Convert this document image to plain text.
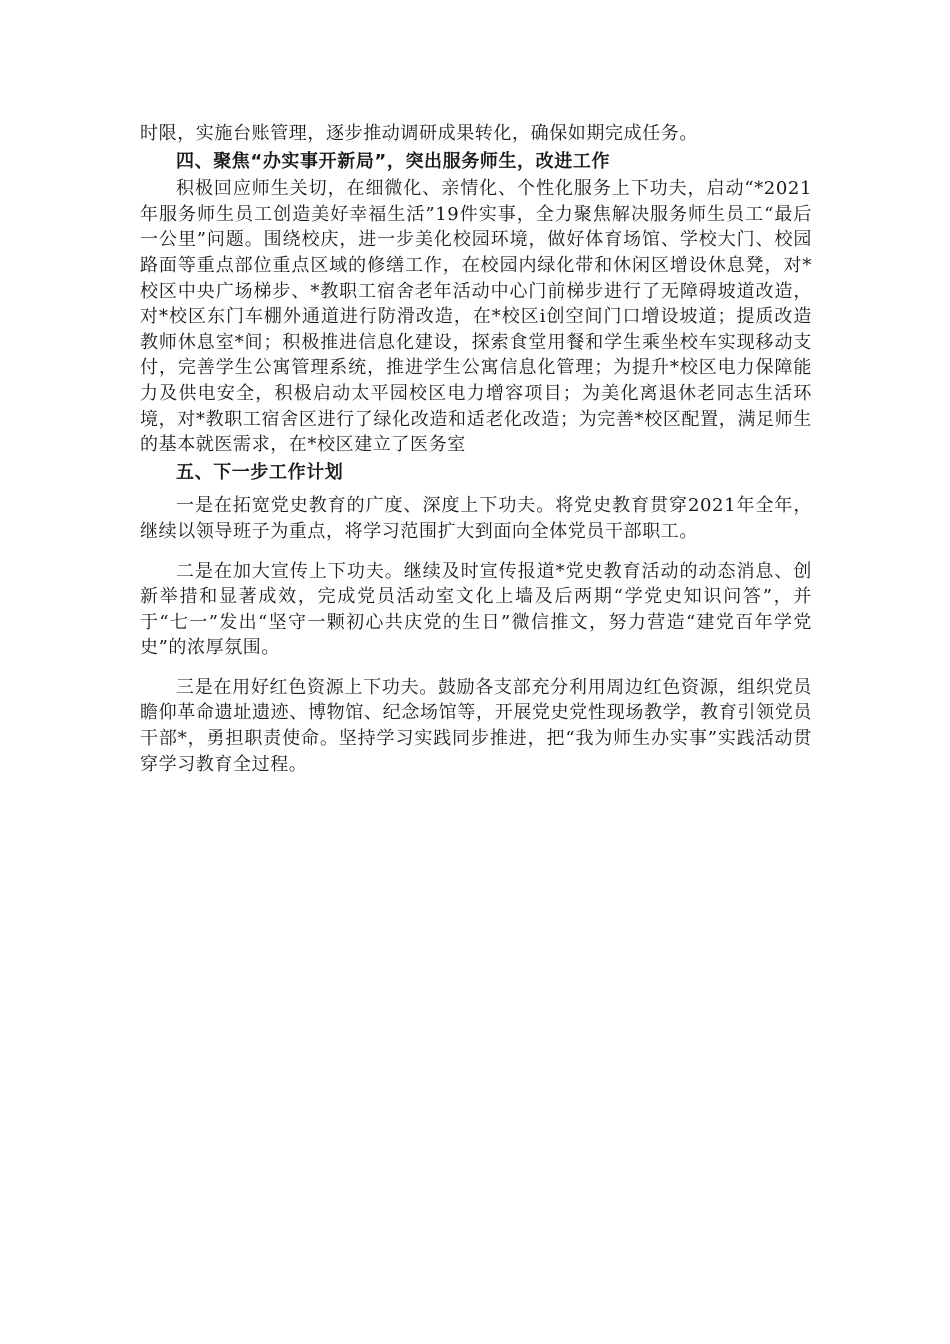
时限，实施台账管理，逐步推动调研成果转化，确保如期完成任务。

四、聚焦“办实事开新局”，突出服务师生，改进工作

积极回应师生关切，在细微化、亲情化、个性化服务上下功夫，启动“*2021年服务师生员工创造美好幸福生活”19件实事，全力聚焦解决服务师生员工“最后一公里”问题。围绕校庆，进一步美化校园环境，做好体育场馆、学校大门、校园路面等重点部位重点区域的修缮工作，在校园内绿化带和休闲区增设休息凳，对*校区中央广场梯步、*教职工宿舍老年活动中心门前梯步进行了无障碍坡道改造，对*校区东门车棚外通道进行防滑改造，在*校区i创空间门口增设坡道；提质改造教师休息室*间；积极推进信息化建设，探索食堂用餐和学生乘坐校车实现移动支付，完善学生公寓管理系统，推进学生公寓信息化管理；为提升*校区电力保障能力及供电安全，积极启动太平园校区电力增容项目；为美化离退休老同志生活环境，对*教职工宿舍区进行了绿化改造和适老化改造；为完善*校区配置，满足师生的基本就医需求，在*校区建立了医务室

五、下一步工作计划

一是在拓宽党史教育的广度、深度上下功夫。将党史教育贯穿2021年全年，继续以领导班子为重点，将学习范围扩大到面向全体党员干部职工。

二是在加大宣传上下功夫。继续及时宣传报道*党史教育活动的动态消息、创新举措和显著成效，完成党员活动室文化上墙及后两期“学党史知识问答”，并于“七一”发出“坚守一颗初心共庆党的生日”微信推文，努力营造“建党百年学党史”的浓厚氛围。

三是在用好红色资源上下功夫。鼓励各支部充分利用周边红色资源，组织党员瞻仰革命遗址遗迹、博物馆、纪念场馆等，开展党史党性现场教学，教育引领党员干部*，勇担职责使命。坚持学习实践同步推进，把“我为师生办实事”实践活动贯穿学习教育全过程。
